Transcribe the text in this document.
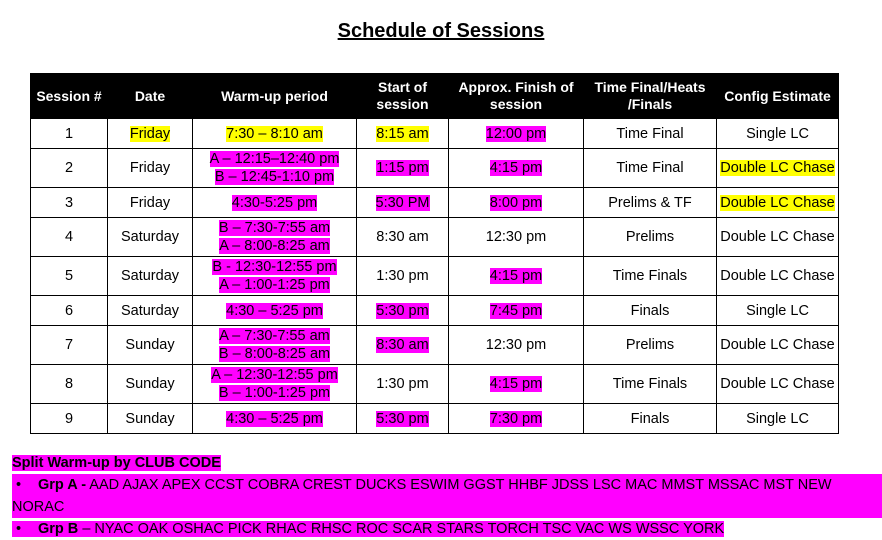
Schedule of Sessions
Session #	Date	Warm-up period	Start of session	Approx. Finish of session	Time Final/Heats /Finals	Config Estimate
1	Friday	7:30 – 8:10 am	8:15 am	12:00 pm	Time Final	Single LC
2	Friday	A – 12:15–12:40 pm
B – 12:45-1:10 pm	1:15 pm	4:15 pm	Time Final	Double LC Chase
3	Friday	4:30-5:25 pm	5:30 PM	8:00 pm	Prelims & TF	Double LC Chase
4	Saturday	B – 7:30-7:55 am
A – 8:00-8:25 am	8:30 am	12:30 pm	Prelims	Double LC Chase
5	Saturday	B - 12:30-12:55 pm
A – 1:00-1:25 pm	1:30 pm	4:15 pm	Time Finals	Double LC Chase
6	Saturday	4:30 – 5:25 pm	5:30 pm	7:45 pm	Finals	Single LC
7	Sunday	A – 7:30-7:55 am
B – 8:00-8:25 am	8:30 am	12:30 pm	Prelims	Double LC Chase
8	Sunday	A – 12:30-12:55 pm
B – 1:00-1:25 pm	1:30 pm	4:15 pm	Time Finals	Double LC Chase
9	Sunday	4:30 – 5:25 pm	5:30 pm	7:30 pm	Finals	Single LC
Split Warm-up by CLUB CODE
• Grp A - AAD AJAX APEX CCST COBRA CREST DUCKS ESWIM GGST HHBF JDSS LSC MAC MMST MSSAC MST NEW NORAC
• Grp B – NYAC OAK OSHAC PICK RHAC RHSC ROC SCAR STARS TORCH TSC VAC WS WSSC YORK
